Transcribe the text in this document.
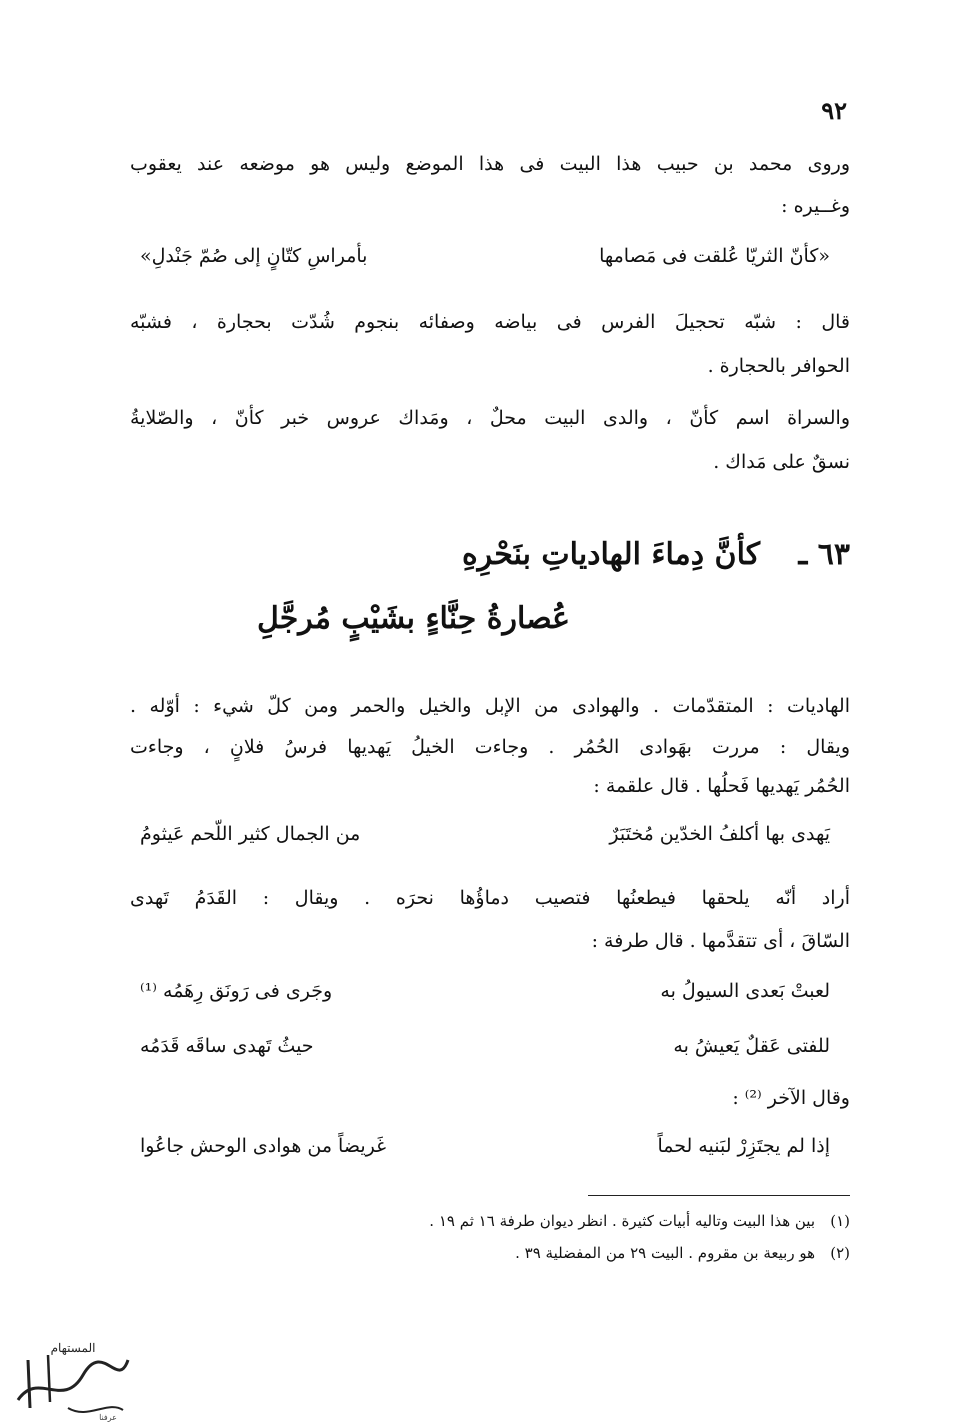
٩٢
وروى محمد بن حبيب هذا البيت فى هذا الموضع وليس هو موضعه عند يعقوب
وغــيره :
«كأنّ الثريّا عُلقت فى مَصامها
بأمراسِ كتّانٍ إلى صُمّ جَنْدلِ»
قال : شبّه تحجيلَ الفرس فى بياضه وصفائه بنجوم شُدّت بحجارة ، فشبّه
الحوافر بالحجارة .
والسراة اسم كأنّ ، والدى البيت محلٌ ، ومَداك عروس خبر كأنّ ، والصّلايةُ
نسقٌ على مَداك .
٦٣ ـ
كأنَّ دِماءَ الهادياتِ بنَحْرِهِ
عُصارةُ حِنَّاءٍ بشَيْبٍ مُرجَّلِ
الهاديات : المتقدّمات . والهوادى من الإبل والخيل والحمر ومن كلّ شيء : أوّله .
ويقال : مررت بهَوادى الحُمُر . وجاءت الخيلُ يَهديها فرسُ فلانٍ ، وجاءت
الحُمُر يَهديها فَحلُها . قال علقمة :
يَهدى بها أكلفُ الخدّين مُختَبَرٌ
من الجمال كثير اللّحم عَيثومُ
أراد أنّه يلحقها فيطعنُها فتصيب دماؤُها نحرَه . ويقال : القَدَمُ تَهدى
السّاقَ ، أى تتقدَّمها . قال طرفة :
لعبتْ بَعدى السيولُ به
وجَرى فى رَونَق رِهَمُه ⁽¹⁾
للفتى عَقلٌ يَعيشُ به
حيثُ تَهدى ساقَه قَدَمُه
وقال الآخر ⁽²⁾ :
إذا لم يجتَزِرْ لبَنيه لحماً
غَريضاً من هوادى الوحش جاعُوا
(١)
بين هذا البيت وتاليه أبيات كثيرة . انظر ديوان طرفة ١٦ ثم ١٩ .
(٢)
هو ربيعة بن مقروم . البيت ٢٩ من المفضلية ٣٩ .
المستهام
عرفنا
